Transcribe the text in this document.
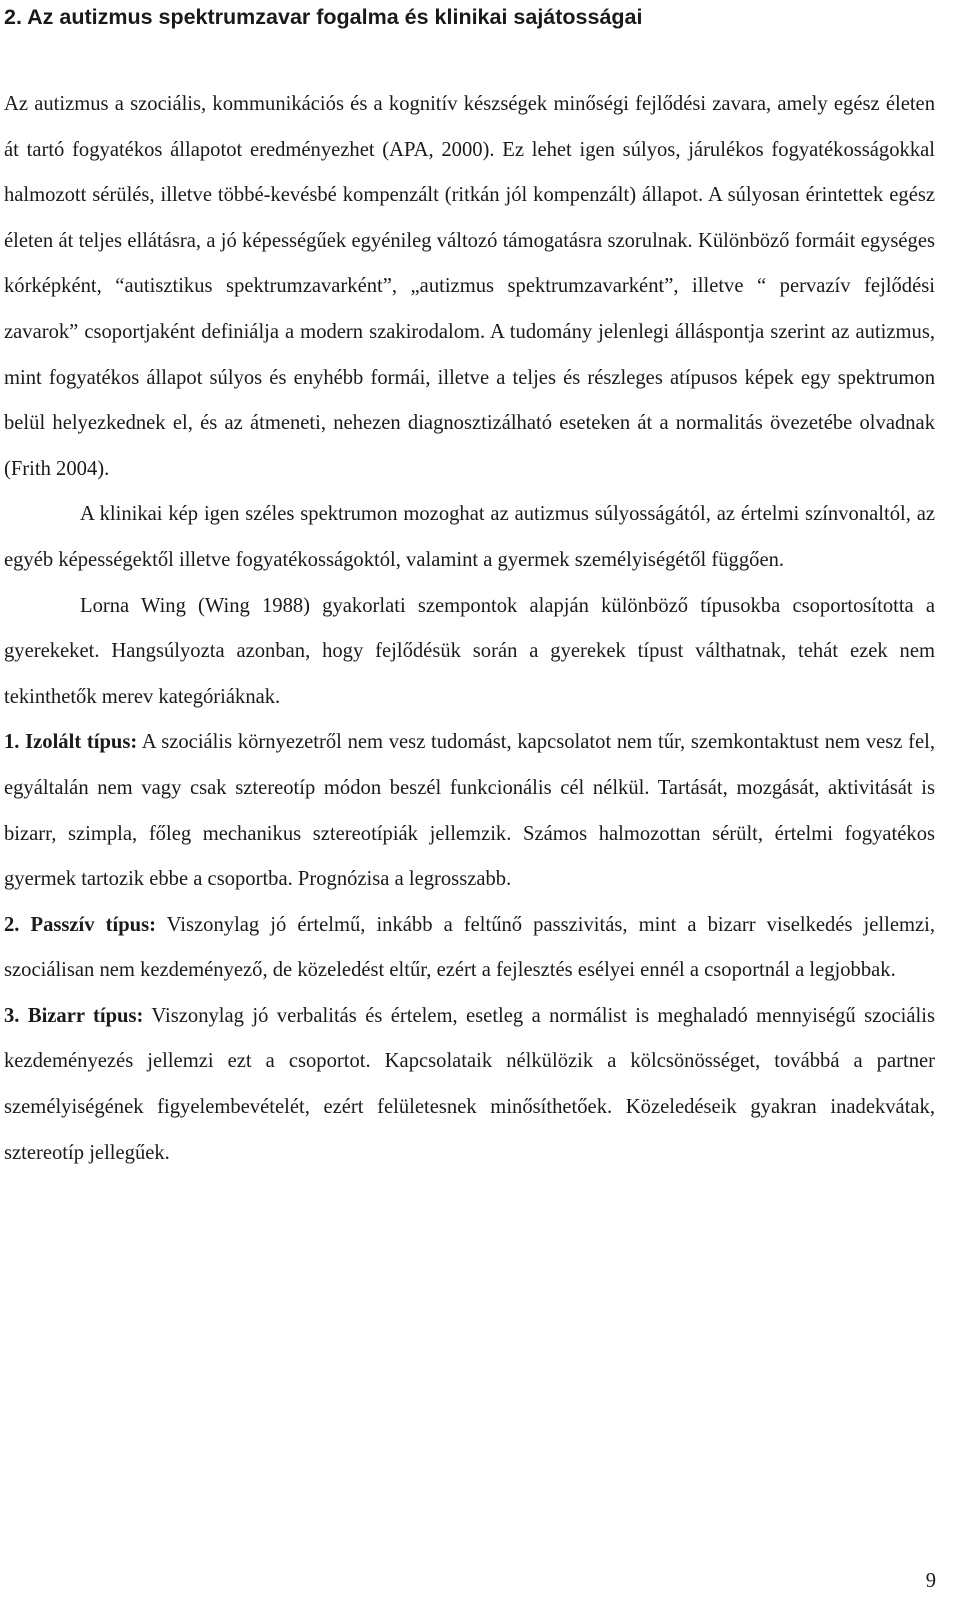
2. Az autizmus spektrumzavar fogalma és klinikai sajátosságai

Az autizmus a szociális, kommunikációs és a kognitív készségek minőségi fejlődési zavara, amely egész életen át tartó fogyatékos állapotot eredményezhet (APA, 2000). Ez lehet igen súlyos, járulékos fogyatékosságokkal halmozott sérülés, illetve többé-kevésbé kompenzált (ritkán jól kompenzált) állapot. A súlyosan érintettek egész életen át teljes ellátásra, a jó képességűek egyénileg változó támogatásra szorulnak. Különböző formáit egységes kórképként, “autisztikus spektrumzavarként”, „autizmus spektrumzavarként”, illetve “ pervazív fejlődési zavarok” csoportjaként definiálja a modern szakirodalom. A tudomány jelenlegi álláspontja szerint az autizmus, mint fogyatékos állapot súlyos és enyhébb formái, illetve a teljes és részleges atípusos képek egy spektrumon belül helyezkednek el, és az átmeneti, nehezen diagnosztizálható eseteken át a normalitás övezetébe olvadnak (Frith 2004).

A klinikai kép igen széles spektrumon mozoghat az autizmus súlyosságától, az értelmi színvonaltól, az egyéb képességektől illetve fogyatékosságoktól, valamint a gyermek személyiségétől függően.

Lorna Wing (Wing 1988) gyakorlati szempontok alapján különböző típusokba csoportosította a gyerekeket. Hangsúlyozta azonban, hogy fejlődésük során a gyerekek típust válthatnak, tehát ezek nem tekinthetők merev kategóriáknak.

1. Izolált típus: A szociális környezetről nem vesz tudomást, kapcsolatot nem tűr, szemkontaktust nem vesz fel, egyáltalán nem vagy csak sztereotíp módon beszél funkcionális cél nélkül. Tartását, mozgását, aktivitását is bizarr, szimpla, főleg mechanikus sztereotípiák jellemzik. Számos halmozottan sérült, értelmi fogyatékos gyermek tartozik ebbe a csoportba. Prognózisa a legrosszabb.

2. Passzív típus: Viszonylag jó értelmű, inkább a feltűnő passzivitás, mint a bizarr viselkedés jellemzi, szociálisan nem kezdeményező, de közeledést eltűr, ezért a fejlesztés esélyei ennél a csoportnál a legjobbak.

3. Bizarr típus: Viszonylag jó verbalitás és értelem, esetleg a normálist is meghaladó mennyiségű szociális kezdeményezés jellemzi ezt a csoportot. Kapcsolataik nélkülözik a kölcsönösséget, továbbá a partner személyiségének figyelembevételét, ezért felületesnek minősíthetőek. Közeledéseik gyakran inadekvátak, sztereotíp jellegűek.

9
